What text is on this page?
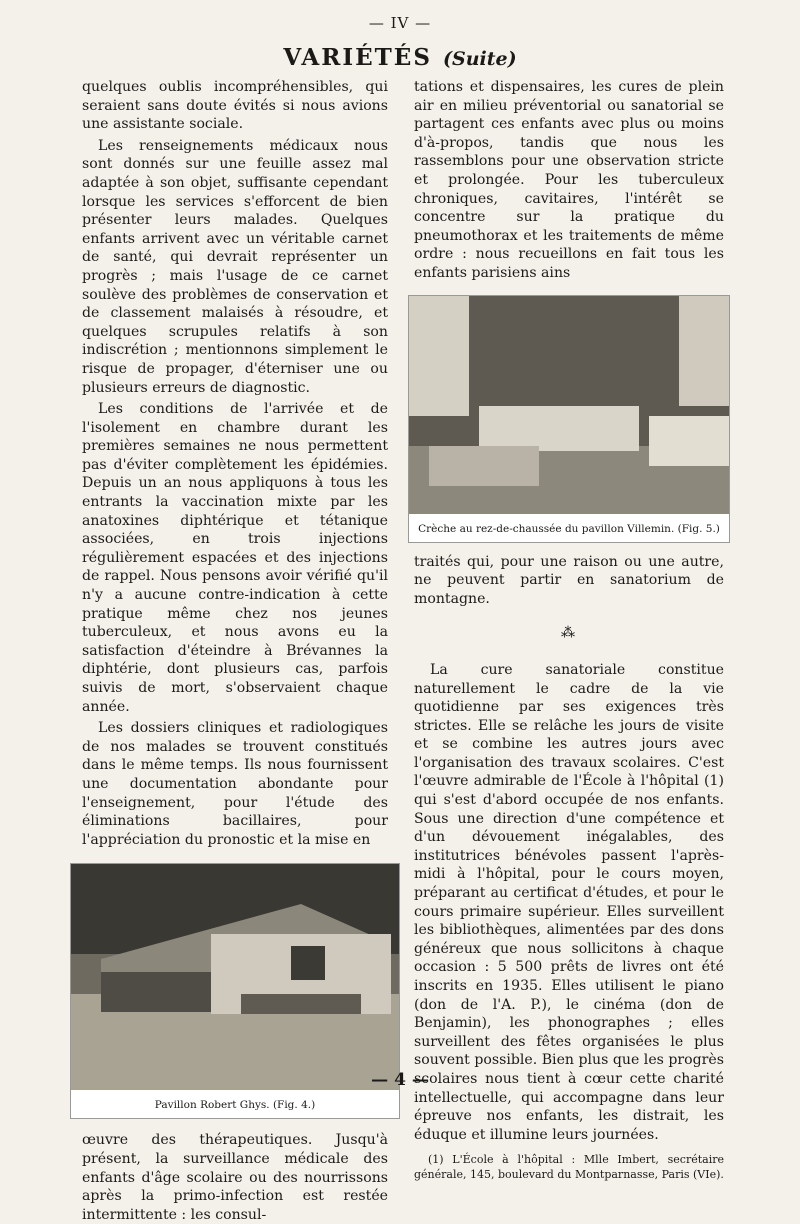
— IV —
VARIÉTÉS (Suite)

quelques oublis incompréhensibles, qui seraient sans doute évités si nous avions une assistante sociale.

Les renseignements médicaux nous sont donnés sur une feuille assez mal adaptée à son objet, suffisante cependant lorsque les services s'efforcent de bien présenter leurs malades. Quelques enfants arrivent avec un véritable carnet de santé, qui devrait représenter un progrès ; mais l'usage de ce carnet soulève des problèmes de conservation et de classement malaisés à résoudre, et quelques scrupules relatifs à son indiscrétion ; mentionnons simplement le risque de propager, d'éterniser une ou plusieurs erreurs de diagnostic.

Les conditions de l'arrivée et de l'isolement en chambre durant les premières semaines ne nous permettent pas d'éviter complètement les épidémies. Depuis un an nous appliquons à tous les entrants la vaccination mixte par les anatoxines diphtérique et tétanique associées, en trois injections régulièrement espacées et des injections de rappel. Nous pensons avoir vérifié qu'il n'y a aucune contre-indication à cette pratique même chez nos jeunes tuberculeux, et nous avons eu la satisfaction d'éteindre à Brévannes la diphtérie, dont plusieurs cas, parfois suivis de mort, s'observaient chaque année.

Les dossiers cliniques et radiologiques de nos malades se trouvent constitués dans le même temps. Ils nous fournissent une documentation abondante pour l'enseignement, pour l'étude des éliminations bacillaires, pour l'appréciation du pronostic et la mise en

Pavillon Robert Ghys. (Fig. 4.)

œuvre des thérapeutiques. Jusqu'à présent, la surveillance médicale des enfants d'âge scolaire ou des nourrissons après la primo-infection est restée intermittente : les consul-

tations et dispensaires, les cures de plein air en milieu préventorial ou sanatorial se partagent ces enfants avec plus ou moins d'à-propos, tandis que nous les rassemblons pour une observation stricte et prolongée. Pour les tuberculeux chroniques, cavitaires, l'intérêt se concentre sur la pratique du pneumothorax et les traitements de même ordre : nous recueillons en fait tous les enfants parisiens ains

Crèche au rez-de-chaussée du pavillon Villemin. (Fig. 5.)

traités qui, pour une raison ou une autre, ne peuvent partir en sanatorium de montagne.

⁂

La cure sanatoriale constitue naturellement le cadre de la vie quotidienne par ses exigences très strictes. Elle se relâche les jours de visite et se combine les autres jours avec l'organisation des travaux scolaires. C'est l'œuvre admirable de l'École à l'hôpital (1) qui s'est d'abord occupée de nos enfants. Sous une direction d'une compétence et d'un dévouement inégalables, des institutrices bénévoles passent l'après-midi à l'hôpital, pour le cours moyen, préparant au certificat d'études, et pour le cours primaire supérieur. Elles surveillent les bibliothèques, alimentées par des dons généreux que nous sollicitons à chaque occasion : 5 500 prêts de livres ont été inscrits en 1935. Elles utilisent le piano (don de l'A. P.), le cinéma (don de Benjamin), les phonographes ; elles surveillent des fêtes organisées le plus souvent possible. Bien plus que les progrès scolaires nous tient à cœur cette charité intellectuelle, qui accompagne dans leur épreuve nos enfants, les distrait, les éduque et illumine leurs journées.

(1) L'École à l'hôpital : Mlle Imbert, secrétaire générale, 145, boulevard du Montparnasse, Paris (VIe).
— 4 —
